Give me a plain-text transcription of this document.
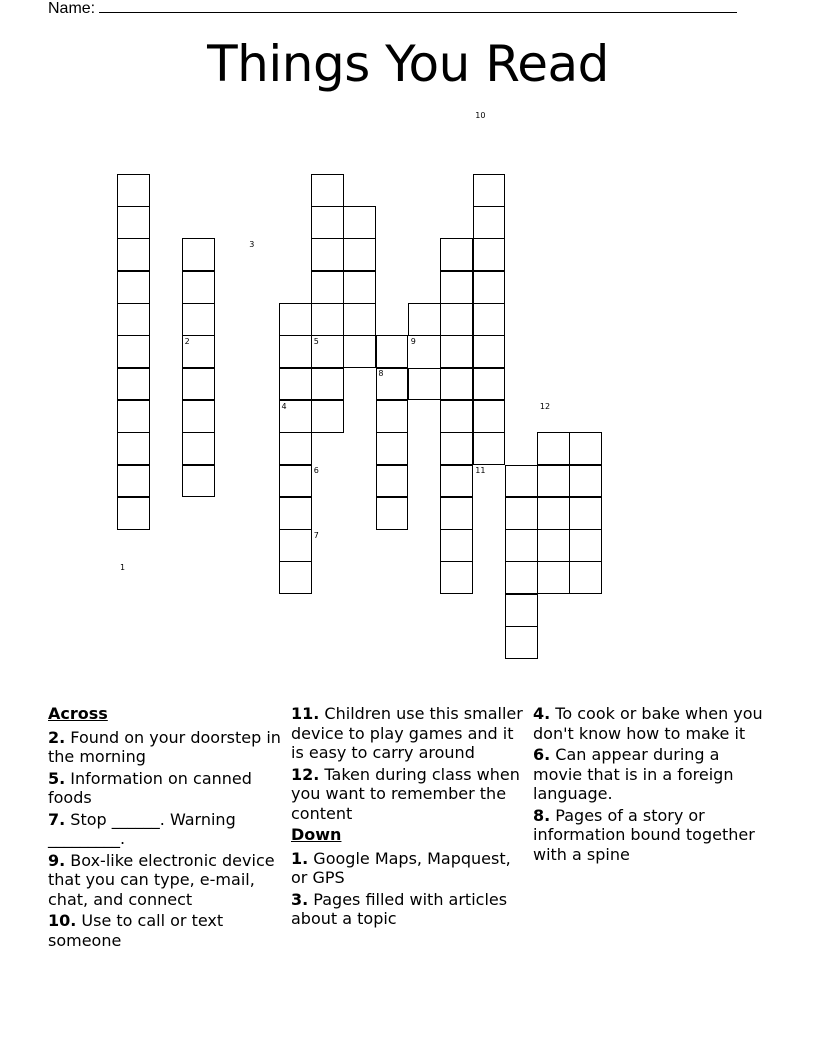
Name:
Things You Read
1
2
3
4
5
6
7
8
9
10
11
12
Across
2. Found on your doorstep in the morning
5. Information on canned foods
7. Stop ______. Warning _________.
9. Box-like electronic device that you can type, e-mail, chat, and connect
10. Use to call or text someone
11. Children use this smaller device to play games and it is easy to carry around
12. Taken during class when you want to remember the content
Down
1. Google Maps, Mapquest, or GPS
3. Pages filled with articles about a topic
4. To cook or bake when you don't know how to make it
6. Can appear during a movie that is in a foreign language.
8. Pages of a story or information bound together with a spine
